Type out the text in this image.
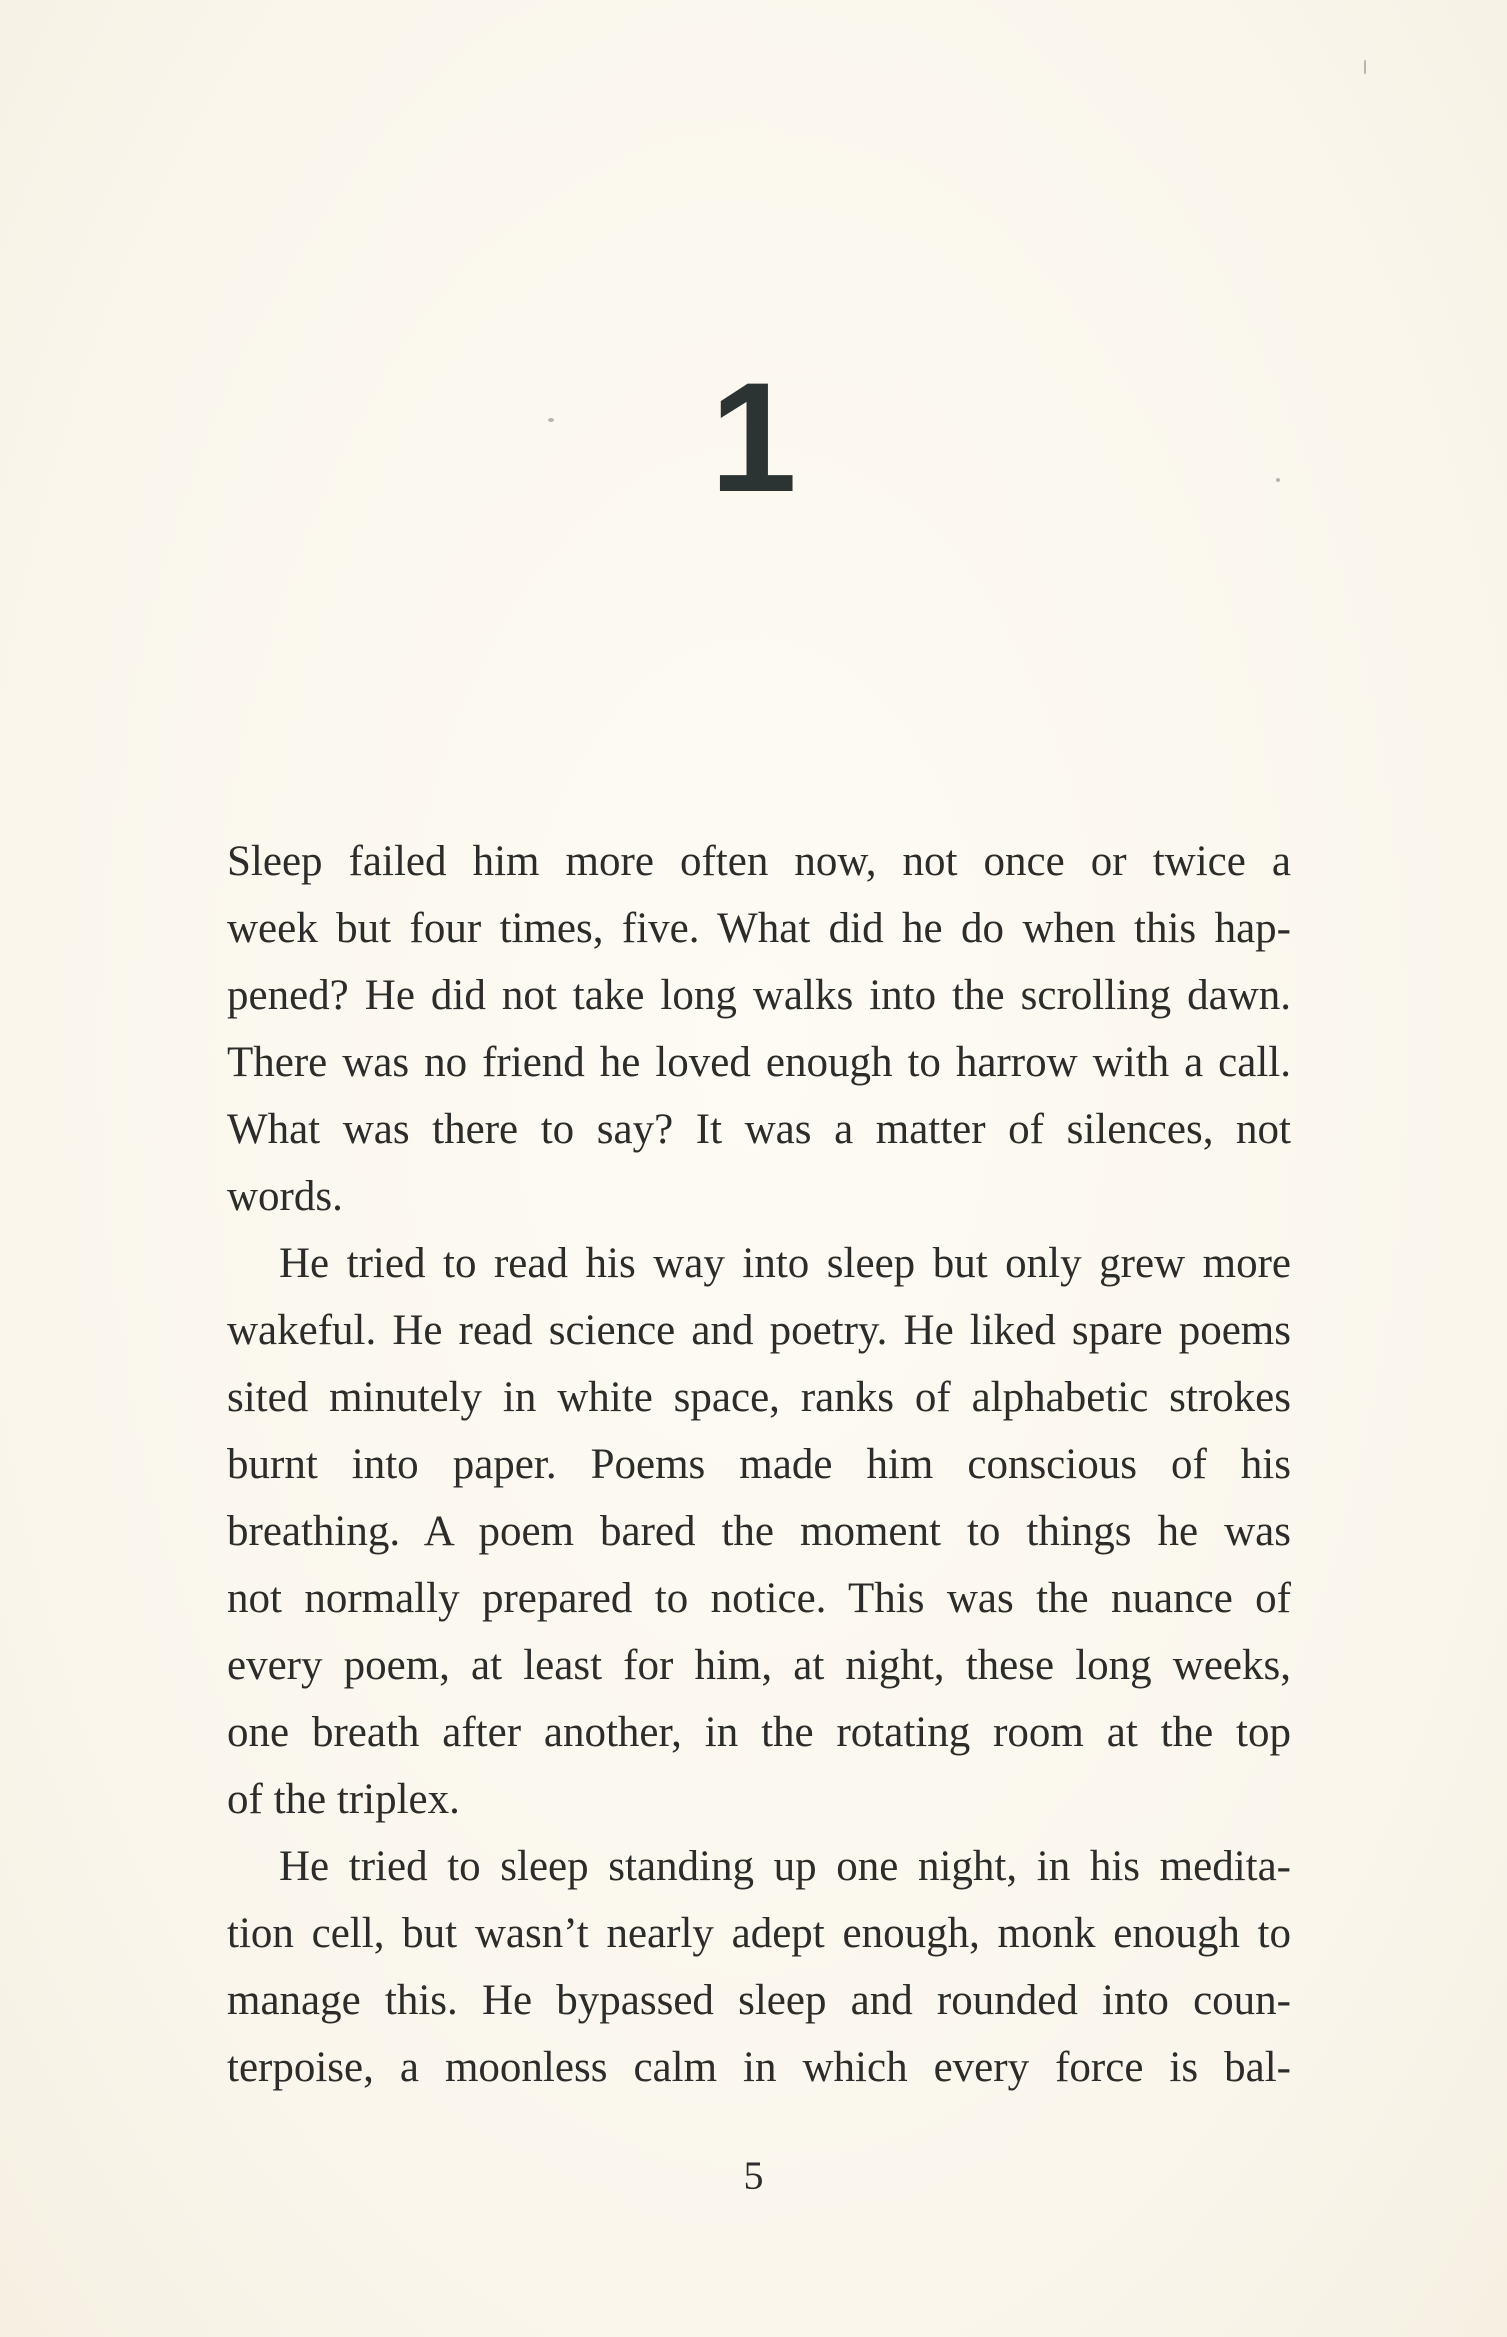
1
Sleep failed him more often now, not once or twice a
week but four times, five. What did he do when this hap-
pened? He did not take long walks into the scrolling dawn.
There was no friend he loved enough to harrow with a call.
What was there to say? It was a matter of silences, not
words.
He tried to read his way into sleep but only grew more
wakeful. He read science and poetry. He liked spare poems
sited minutely in white space, ranks of alphabetic strokes
burnt into paper. Poems made him conscious of his
breathing. A poem bared the moment to things he was
not normally prepared to notice. This was the nuance of
every poem, at least for him, at night, these long weeks,
one breath after another, in the rotating room at the top
of the triplex.
He tried to sleep standing up one night, in his medita-
tion cell, but wasn’t nearly adept enough, monk enough to
manage this. He bypassed sleep and rounded into coun-
terpoise, a moonless calm in which every force is bal-
5
